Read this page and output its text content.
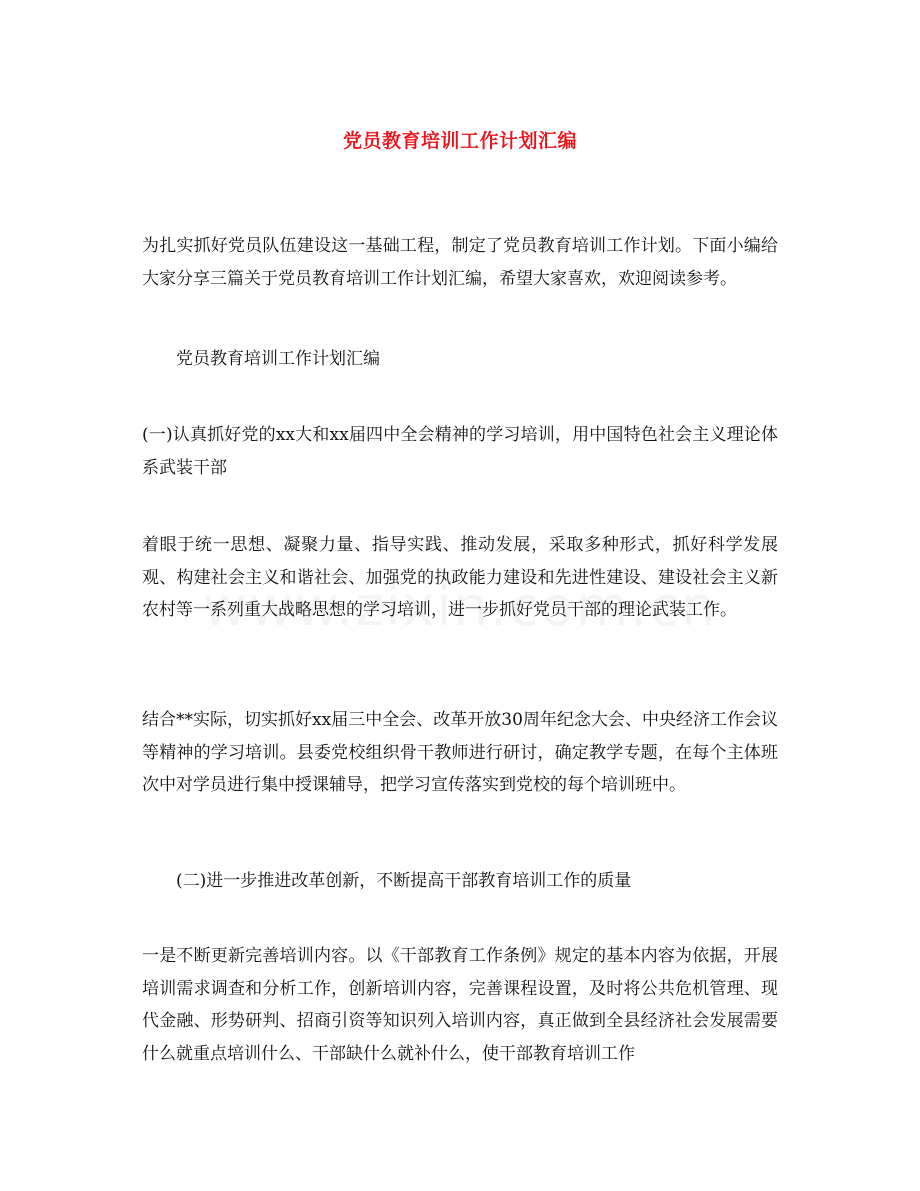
党员教育培训工作计划汇编
为扎实抓好党员队伍建设这一基础工程，制定了党员教育培训工作计划。下面小编给大家分享三篇关于党员教育培训工作计划汇编，希望大家喜欢，欢迎阅读参考。
党员教育培训工作计划汇编
(一)认真抓好党的xx大和xx届四中全会精神的学习培训，用中国特色社会主义理论体系武装干部
着眼于统一思想、凝聚力量、指导实践、推动发展，采取多种形式，抓好科学发展观、构建社会主义和谐社会、加强党的执政能力建设和先进性建设、建设社会主义新农村等一系列重大战略思想的学习培训，进一步抓好党员干部的理论武装工作。
结合**实际，切实抓好xx届三中全会、改革开放30周年纪念大会、中央经济工作会议等精神的学习培训。县委党校组织骨干教师进行研讨，确定教学专题，在每个主体班次中对学员进行集中授课辅导，把学习宣传落实到党校的每个培训班中。
(二)进一步推进改革创新，不断提高干部教育培训工作的质量
一是不断更新完善培训内容。以《干部教育工作条例》规定的基本内容为依据，开展培训需求调查和分析工作，创新培训内容，完善课程设置，及时将公共危机管理、现代金融、形势研判、招商引资等知识列入培训内容，真正做到全县经济社会发展需要什么就重点培训什么、干部缺什么就补什么，使干部教育培训工作
